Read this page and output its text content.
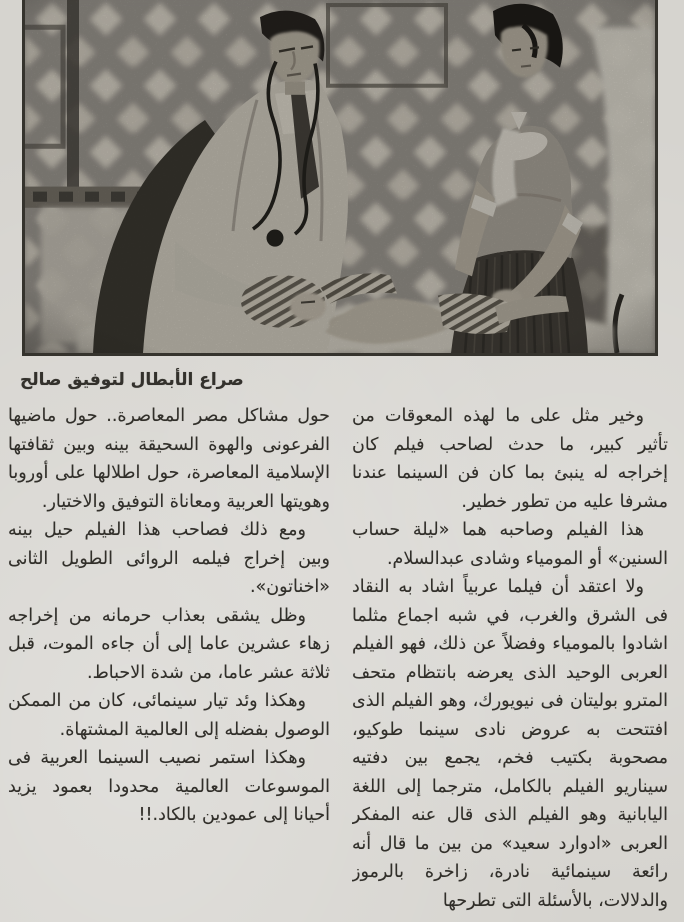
صراع الأبطال لتوفيق صالح

وخير مثل على ما لهذه المعوقات من تأثير كبير، ما حدث لصاحب فيلم كان إخراجه له ينبئ بما كان فن السينما عندنا مشرفا عليه من تطور خطير.

هذا الفيلم وصاحبه هما «ليلة حساب السنين» أو المومياء وشادى عبدالسلام.

ولا اعتقد أن فيلما عربياً اشاد به النقاد فى الشرق والغرب، في شبه اجماع مثلما اشادوا بالمومياء وفضلاً عن ذلك، فهو الفيلم العربى الوحيد الذى يعرضه بانتظام متحف المترو بوليتان فى نيويورك، وهو الفيلم الذى افتتحت به عروض نادى سينما طوكيو، مصحوبة بكتيب فخم، يجمع بين دفتيه سيناريو الفيلم بالكامل، مترجما إلى اللغة اليابانية وهو الفيلم الذى قال عنه المفكر العربى «ادوارد سعيد» من بين ما قال أنه رائعة سينمائية نادرة، زاخرة بالرموز والدلالات، بالأسئلة التى تطرحها

حول مشاكل مصر المعاصرة.. حول ماضيها الفرعونى والهوة السحيقة بينه وبين ثقافتها الإسلامية المعاصرة، حول اطلالها على أوروبا وهويتها العربية ومعاناة التوفيق والاختيار.

ومع ذلك فصاحب هذا الفيلم حيل بينه وبين إخراج فيلمه الروائى الطويل الثانى «اخناتون».

وظل يشقى بعذاب حرمانه من إخراجه زهاء عشرين عاما إلى أن جاءه الموت، قبل ثلاثة عشر عاما، من شدة الاحباط.

وهكذا وئد تيار سينمائى، كان من الممكن الوصول بفضله إلى العالمية المشتهاة.

وهكذا استمر نصيب السينما العربية فى الموسوعات العالمية محدودا بعمود يزيد أحيانا إلى عمودين بالكاد.!!
